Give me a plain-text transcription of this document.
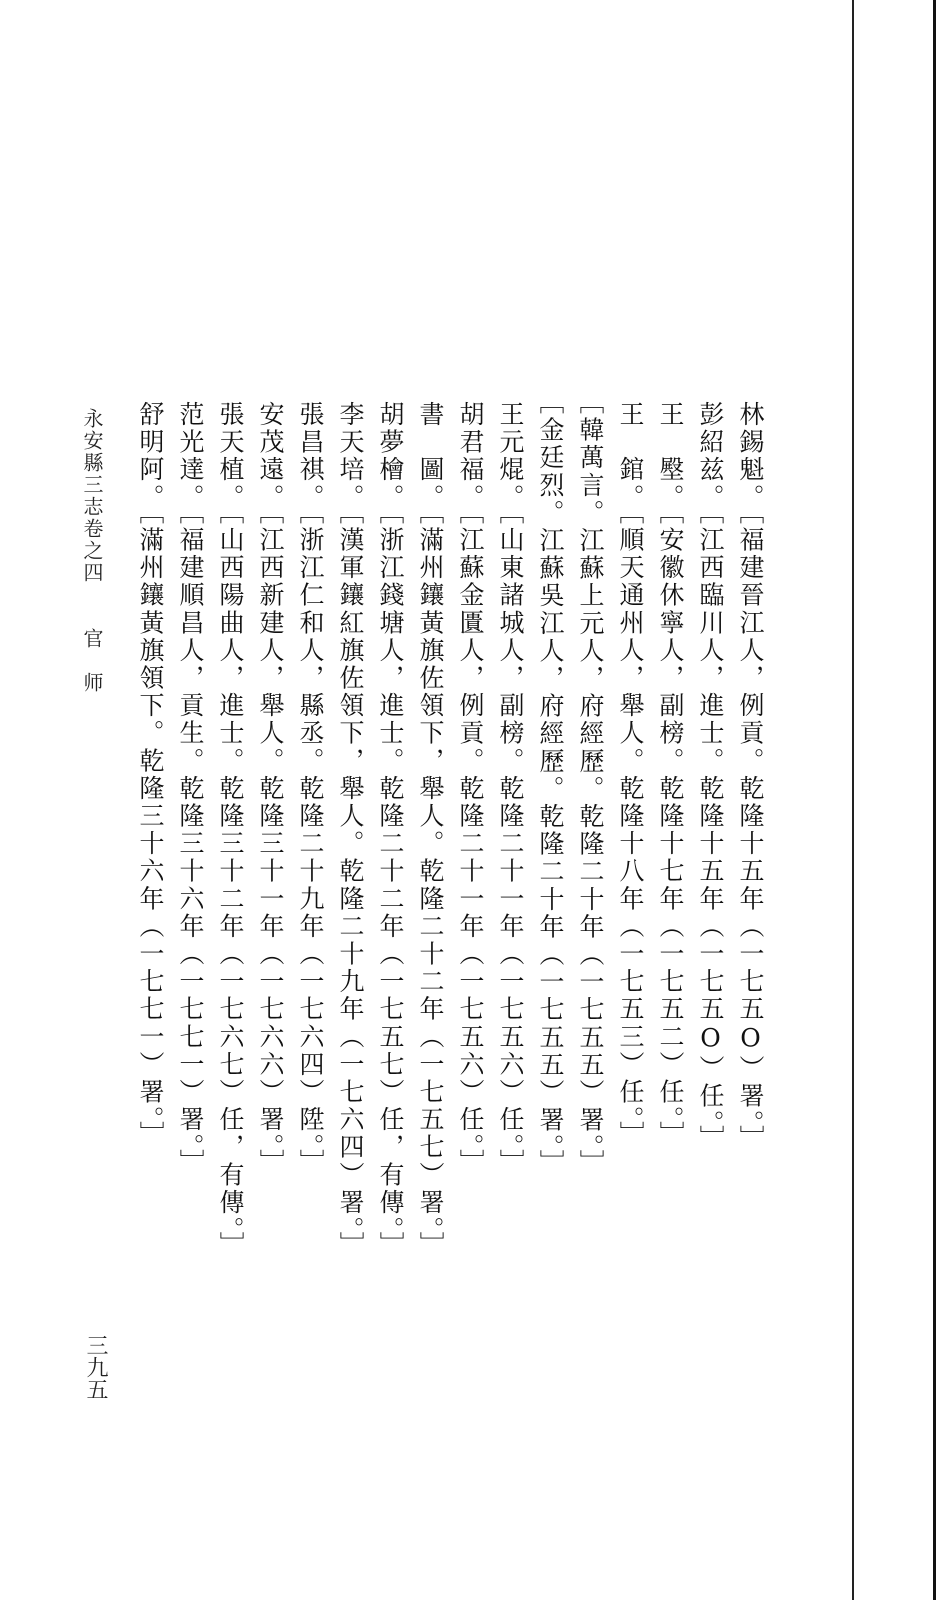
林錫魁。［福建晉江人，例貢。乾隆十五年（一七五О）署。］
彭紹兹。［江西臨川人，進士。乾隆十五年（一七五О）任。］
王　壂。［安徽休寧人，副榜。乾隆十七年（一七五二）任。］
王　錧。［順天通州人，舉人。乾隆十八年（一七五三）任。］
［韓萬言。江蘇上元人，府經歷。乾隆二十年（一七五五）署。］
［金廷烈。江蘇吳江人，府經歷。乾隆二十年（一七五五）署。］
王元焜。［山東諸城人，副榜。乾隆二十一年（一七五六）任。］
胡君福。［江蘇金匱人，例貢。乾隆二十一年（一七五六）任。］
書　圖。［滿州鑲黃旗佐領下，舉人。乾隆二十二年（一七五七）署。］
胡夢檜。［浙江錢塘人，進士。乾隆二十二年（一七五七）任，有傳。］
李天培。［漢軍鑲紅旗佐領下，舉人。乾隆二十九年（一七六四）署。］
張昌祺。［浙江仁和人，縣丞。乾隆二十九年（一七六四）陞。］
安茂遠。［江西新建人，舉人。乾隆三十一年（一七六六）署。］
張天植。［山西陽曲人，進士。乾隆三十二年（一七六七）任，有傳。］
范光達。［福建順昌人，貢生。乾隆三十六年（一七七一）署。］
舒明阿。［滿州鑲黃旗領下。乾隆三十六年（一七七一）署。］
永安縣三志卷之四　　官　师
三九五
